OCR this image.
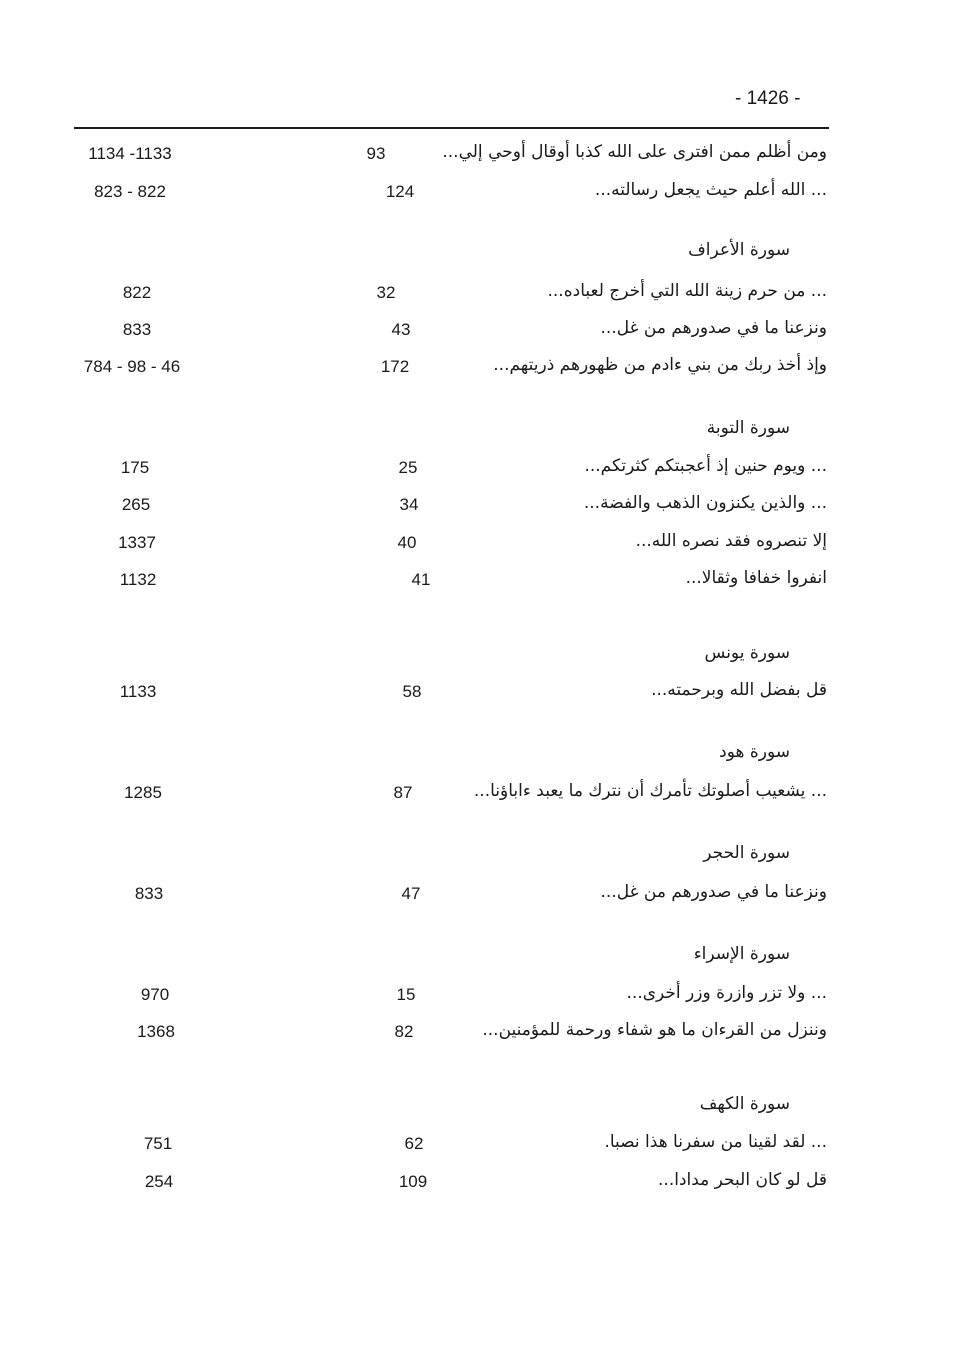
- 1426 -
ومن أظلم ممن افترى على الله كذبا أوقال أوحي إلي...
93
1134 -1133
... الله أعلم حيث يجعل رسالته...
124
823 - 822
سورة الأعراف
... من حرم زينة الله التي أخرج لعباده...
32
822
ونزعنا ما في صدورهم من غل...
43
833
وإذ أخذ ربك من بني ءادم من ظهورهم ذريتهم...
172
784 - 98 - 46
سورة التوبة
... ويوم حنين إذ أعجبتكم كثرتكم...
25
175
... والذين يكنزون الذهب والفضة...
34
265
إلا تنصروه فقد نصره الله...
40
1337
انفروا خفافا وثقالا...
41
1132
سورة يونس
قل بفضل الله وبرحمته...
58
1133
سورة هود
... يشعيب أصلوتك تأمرك أن نترك ما يعبد ءاباؤنا...
87
1285
سورة الحجر
ونزعنا ما في صدورهم من غل...
47
833
سورة الإسراء
... ولا تزر وازرة وزر أخرى...
15
970
وننزل من القرءان ما هو شفاء ورحمة للمؤمنين...
82
1368
سورة الكهف
... لقد لقينا من سفرنا هذا نصبا.
62
751
قل لو كان البحر مدادا...
109
254
